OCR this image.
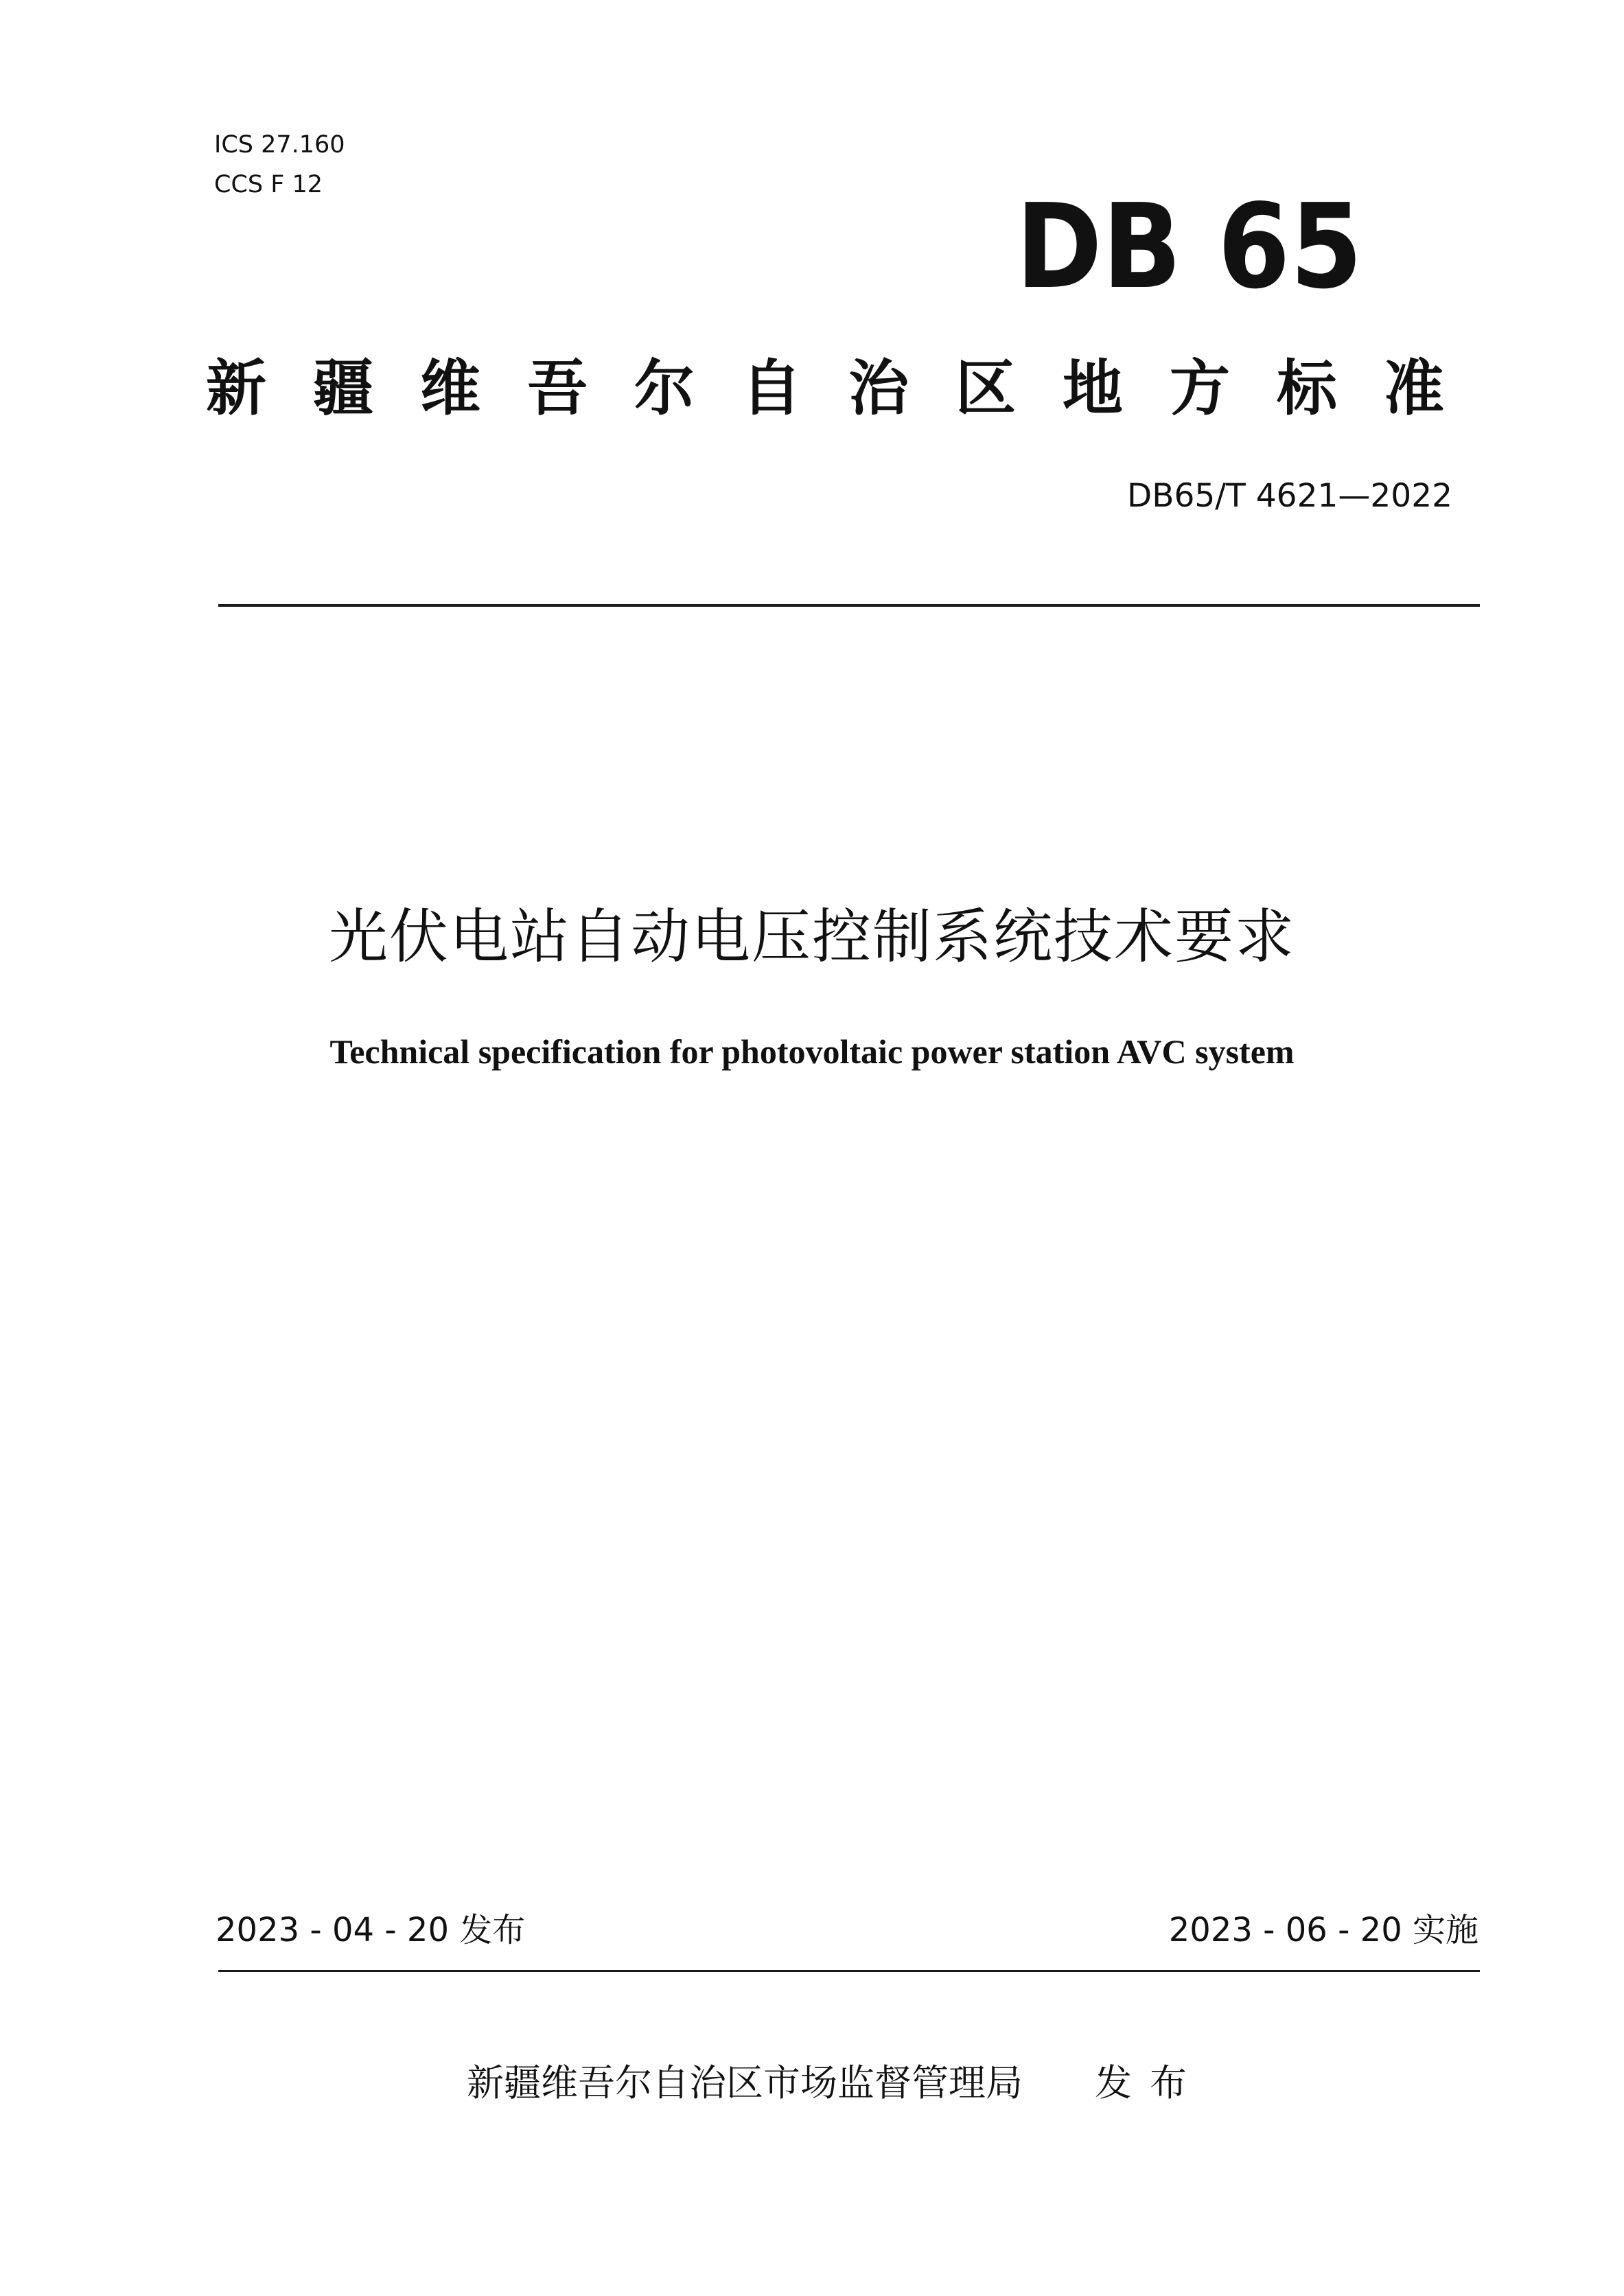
ICS 27.160
CCS F 12	DB 65
新疆维吾尔自治区地方标准
DB65/T 4621—2022
光伏电站自动电压控制系统技术要求
Technical specification for photovoltaic power station AVC system
2023 - 04 - 20 发布	2023 - 06 - 20 实施
新疆维吾尔自治区市场监督管理局 发布
